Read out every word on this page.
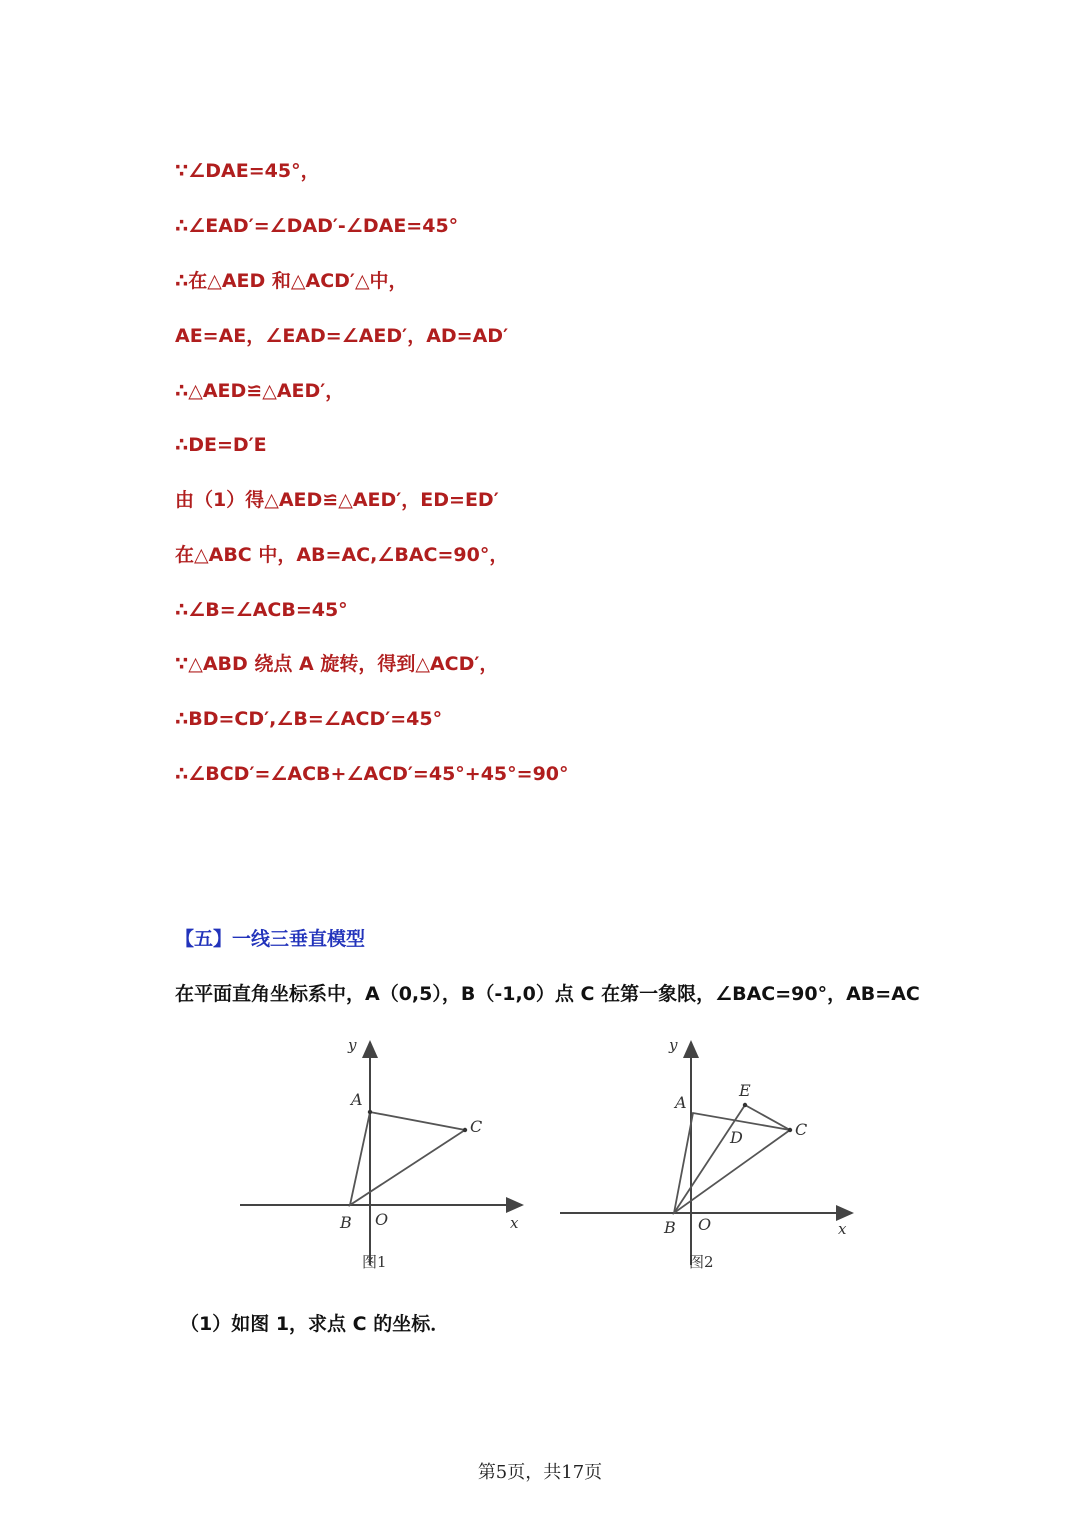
∵∠DAE=45°，
∴∠EAD′=∠DAD′-∠DAE=45°
∴在△AED 和△ACD′△中，
AE=AE，∠EAD=∠AED′，AD=AD′
∴△AED≌△AED′，
∴DE=D′E
由（1）得△AED≌△AED′，ED=ED′
在△ABC 中，AB=AC,∠BAC=90°，
∴∠B=∠ACB=45°
∵△ABD 绕点 A 旋转，得到△ACD′，
∴BD=CD′,∠B=∠ACD′=45°
∴∠BCD′=∠ACB+∠ACD′=45°+45°=90°
【五】一线三垂直模型
在平面直角坐标系中，A（0,5），B（-1,0）点 C 在第一象限，∠BAC=90°，AB=AC
y
x
A
B O
C
图1
y
x
A
B O
C
D
E
图2
（1）如图 1，求点 C 的坐标．
第5页，共17页
